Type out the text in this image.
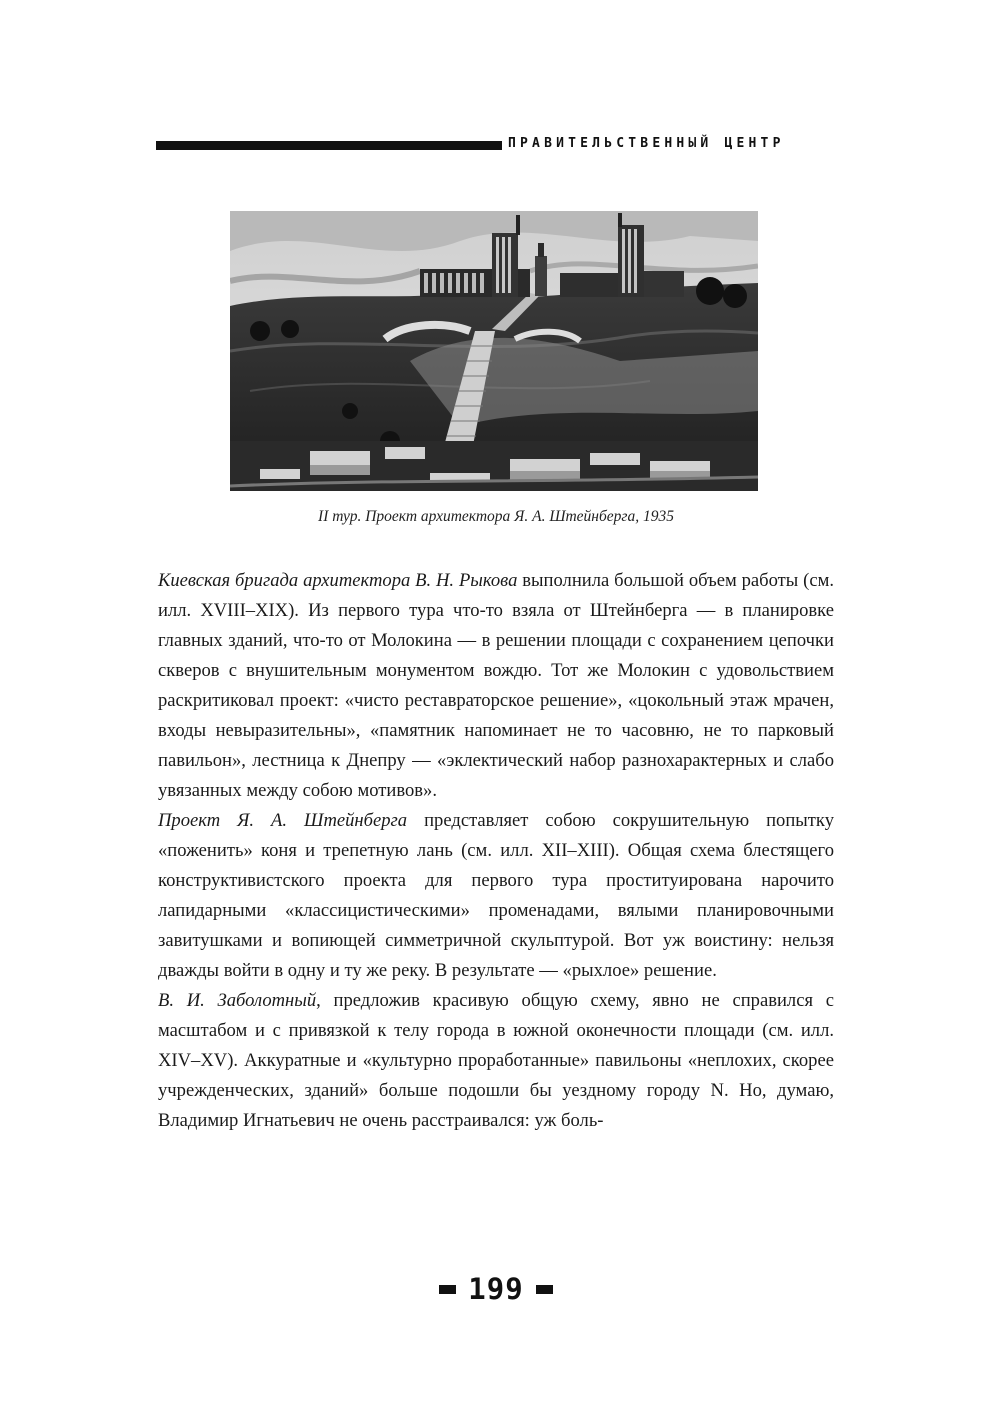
ПРАВИТЕЛЬСТВЕННЫЙ ЦЕНТР
II тур. Проект архитектора Я. А. Штейнберга, 1935

Киевская бригада архитектора В. Н. Рыкова выполнила большой объем работы (см. илл. XVIII–XIX). Из первого тура что-то взяла от Штейнберга — в планировке главных зданий, что-то от Молокина — в решении площади с сохранением цепочки скверов с внушительным монументом вождю. Тот же Молокин с удовольствием раскритиковал проект: «чисто реставраторское решение», «цокольный этаж мрачен, входы невыразительны», «памятник напоминает не то часовню, не то парковый павильон», лестница к Днепру — «эклектический набор разнохарактерных и слабо увязанных между собою мотивов».

Проект Я. А. Штейнберга представляет собою сокрушительную попытку «поженить» коня и трепетную лань (см. илл. XII–XIII). Общая схема блестящего конструктивистского проекта для первого тура проституирована нарочито лапидарными «классицистическими» променадами, вялыми планировочными завитушками и вопиющей симметричной скульптурой. Вот уж воистину: нельзя дважды войти в одну и ту же реку. В результате — «рыхлое» решение.

В. И. Заболотный, предложив красивую общую схему, явно не справился с масштабом и с привязкой к телу города в южной оконечности площади (см. илл. XIV–XV). Аккуратные и «культурно проработанные» павильоны «неплохих, скорее учрежденческих, зданий» больше подошли бы уездному городу N. Но, думаю, Владимир Игнатьевич не очень расстраивался: уж боль-

199
